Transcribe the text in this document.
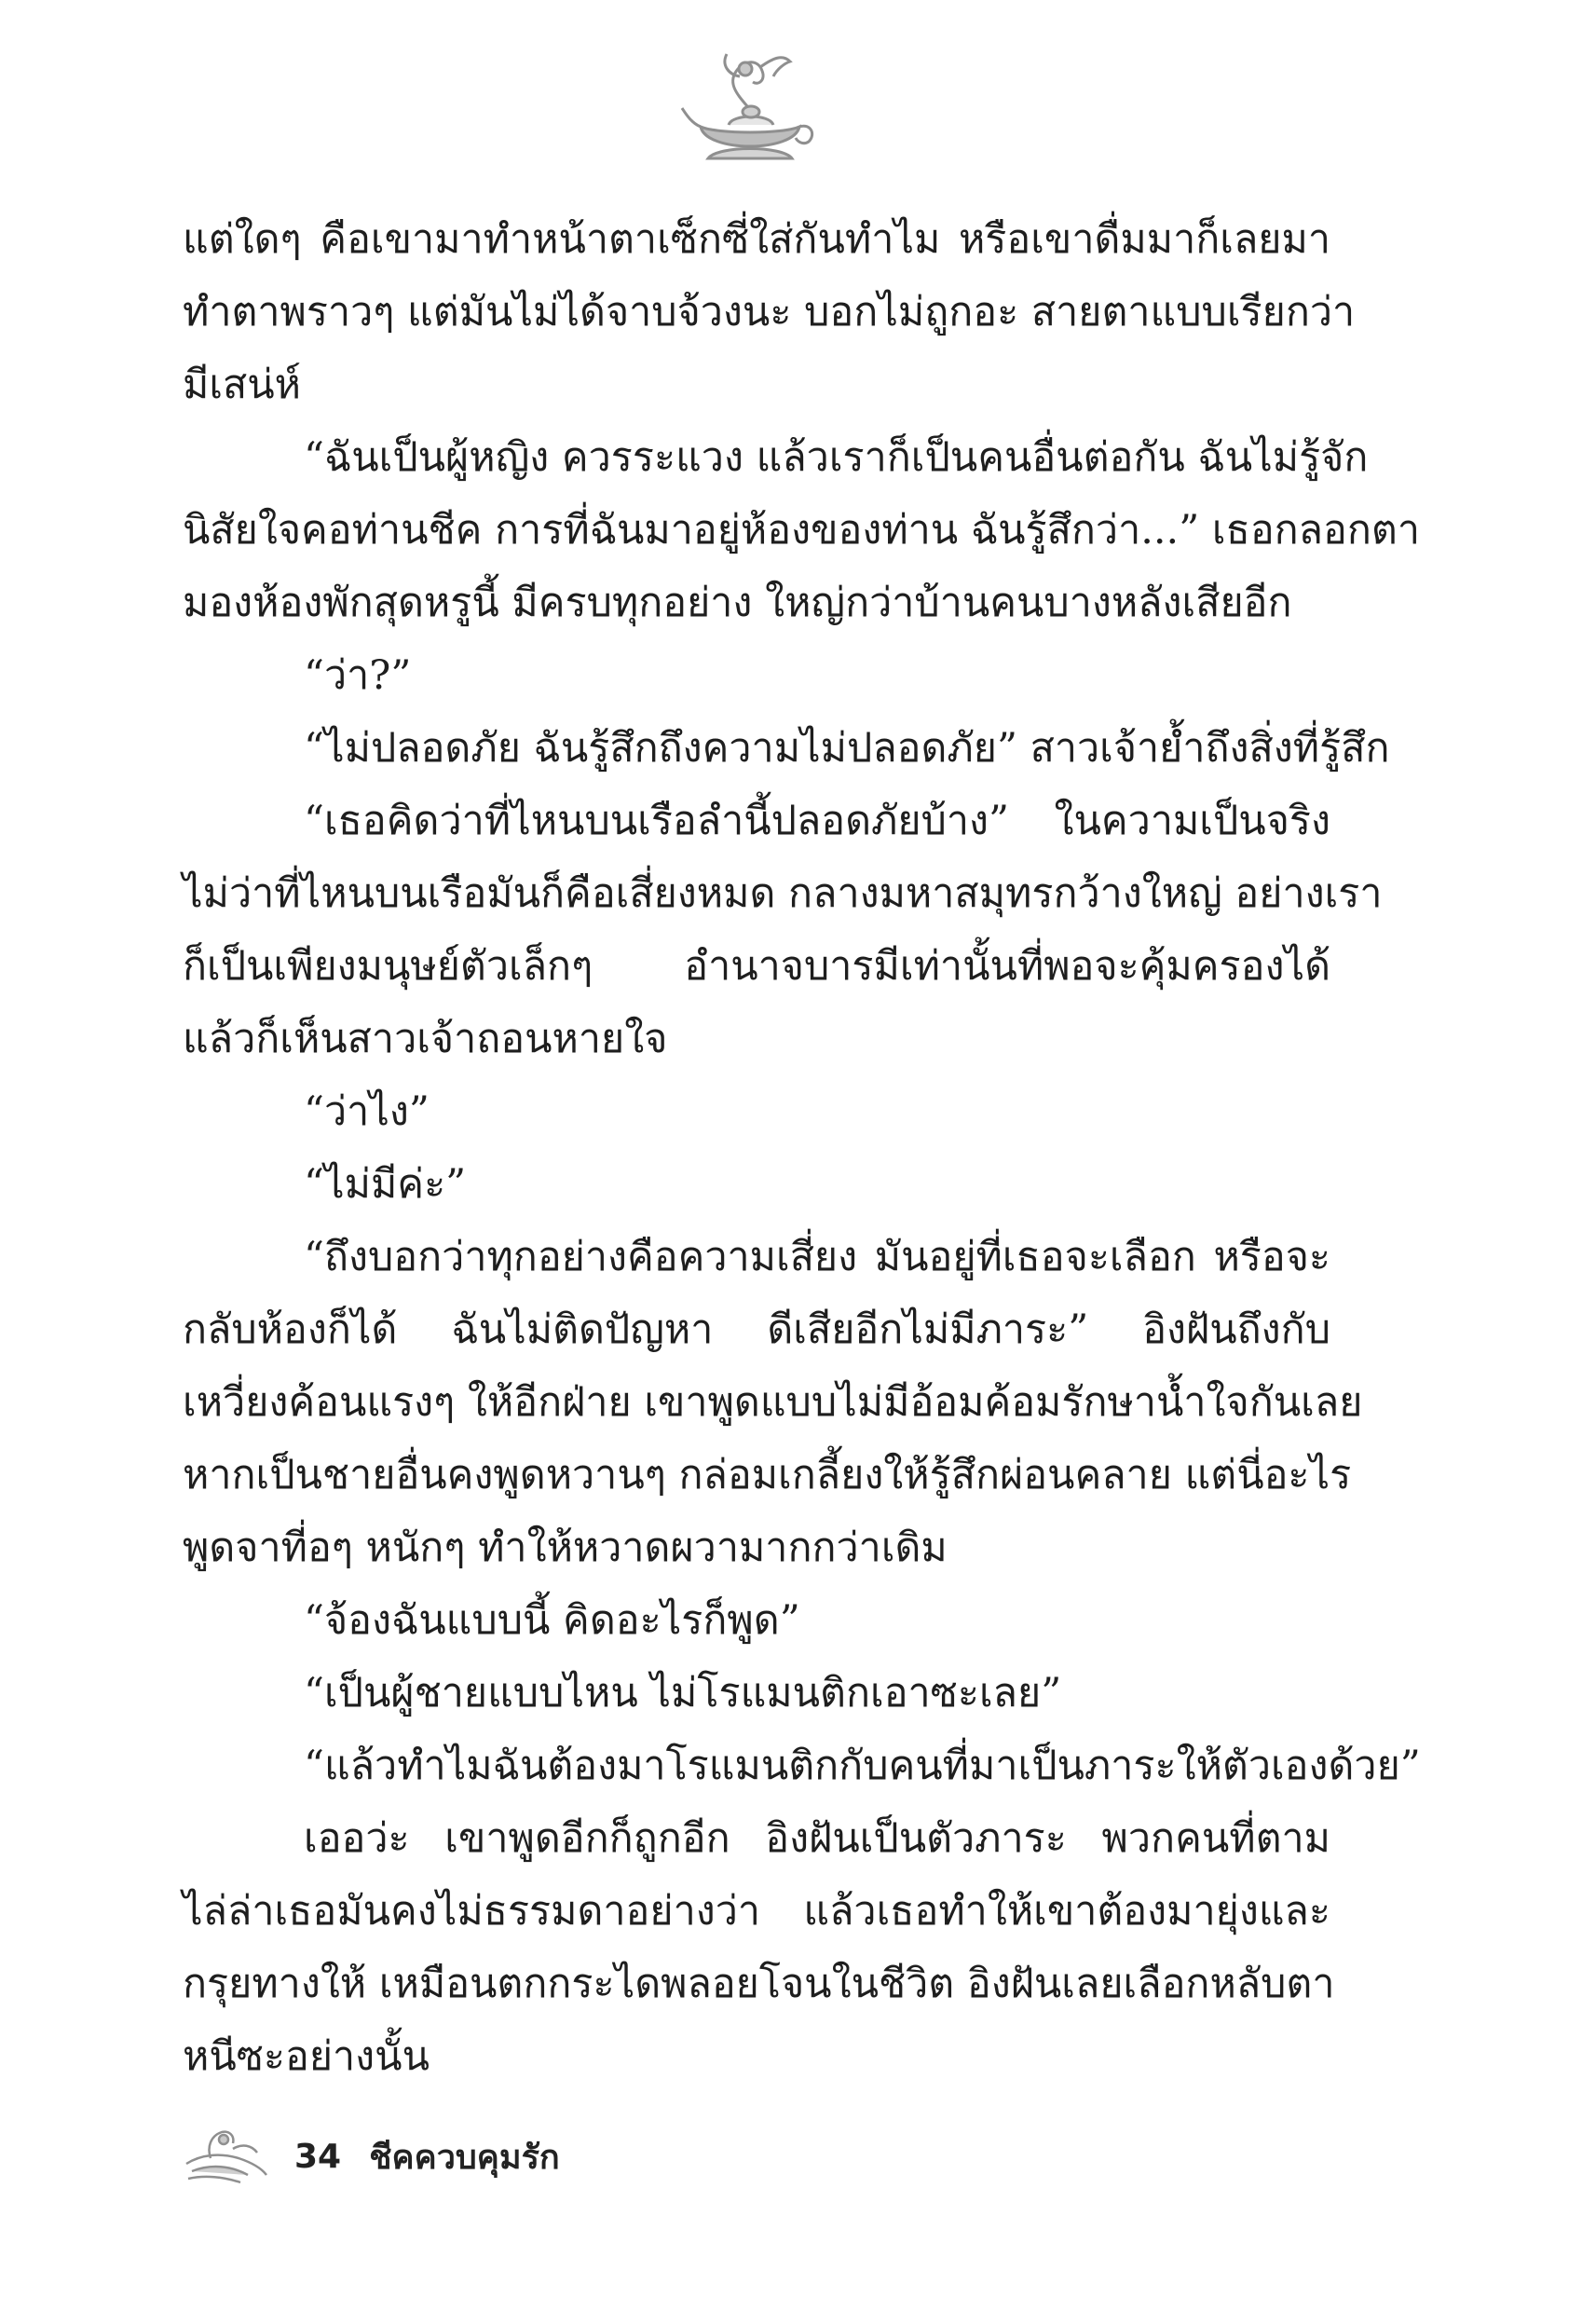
แต่ใดๆ คือเขามาทำหน้าตาเซ็กซี่ใส่กันทำไม หรือเขาดื่มมาก็เลยมา
ทำตาพราวๆ แต่มันไม่ได้จาบจ้วงนะ บอกไม่ถูกอะ สายตาแบบเรียกว่า
มีเสน่ห์
“ฉันเป็นผู้หญิง ควรระแวง แล้วเราก็เป็นคนอื่นต่อกัน ฉันไม่รู้จัก
นิสัยใจคอท่านชีค การที่ฉันมาอยู่ห้องของท่าน ฉันรู้สึกว่า...” เธอกลอกตา
มองห้องพักสุดหรูนี้ มีครบทุกอย่าง ใหญ่กว่าบ้านคนบางหลังเสียอีก
“ว่า?”
“ไม่ปลอดภัย ฉันรู้สึกถึงความไม่ปลอดภัย” สาวเจ้าย้ำถึงสิ่งที่รู้สึก
“เธอคิดว่าที่ไหนบนเรือลำนี้ปลอดภัยบ้าง” ในความเป็นจริง
ไม่ว่าที่ไหนบนเรือมันก็คือเสี่ยงหมด กลางมหาสมุทรกว้างใหญ่ อย่างเรา
ก็เป็นเพียงมนุษย์ตัวเล็กๆ อำนาจบารมีเท่านั้นที่พอจะคุ้มครองได้
แล้วก็เห็นสาวเจ้าถอนหายใจ
“ว่าไง”
“ไม่มีค่ะ”
“ถึงบอกว่าทุกอย่างคือความเสี่ยง มันอยู่ที่เธอจะเลือก หรือจะ
กลับห้องก็ได้ ฉันไม่ติดปัญหา ดีเสียอีกไม่มีภาระ” อิงฝันถึงกับ
เหวี่ยงค้อนแรงๆ ให้อีกฝ่าย เขาพูดแบบไม่มีอ้อมค้อมรักษาน้ำใจกันเลย
หากเป็นชายอื่นคงพูดหวานๆ กล่อมเกลี้ยงให้รู้สึกผ่อนคลาย แต่นี่อะไร
พูดจาที่อๆ หนักๆ ทำให้หวาดผวามากกว่าเดิม
“จ้องฉันแบบนี้ คิดอะไรก็พูด”
“เป็นผู้ชายแบบไหน ไม่โรแมนติกเอาซะเลย”
“แล้วทำไมฉันต้องมาโรแมนติกกับคนที่มาเป็นภาระให้ตัวเองด้วย”
เออว่ะ เขาพูดอีกก็ถูกอีก อิงฝันเป็นตัวภาระ พวกคนที่ตาม
ไล่ล่าเธอมันคงไม่ธรรมดาอย่างว่า แล้วเธอทำให้เขาต้องมายุ่งและ
กรุยทางให้ เหมือนตกกระไดพลอยโจนในชีวิต อิงฝันเลยเลือกหลับตา
หนีซะอย่างนั้น
34 ชีคควบคุมรัก
